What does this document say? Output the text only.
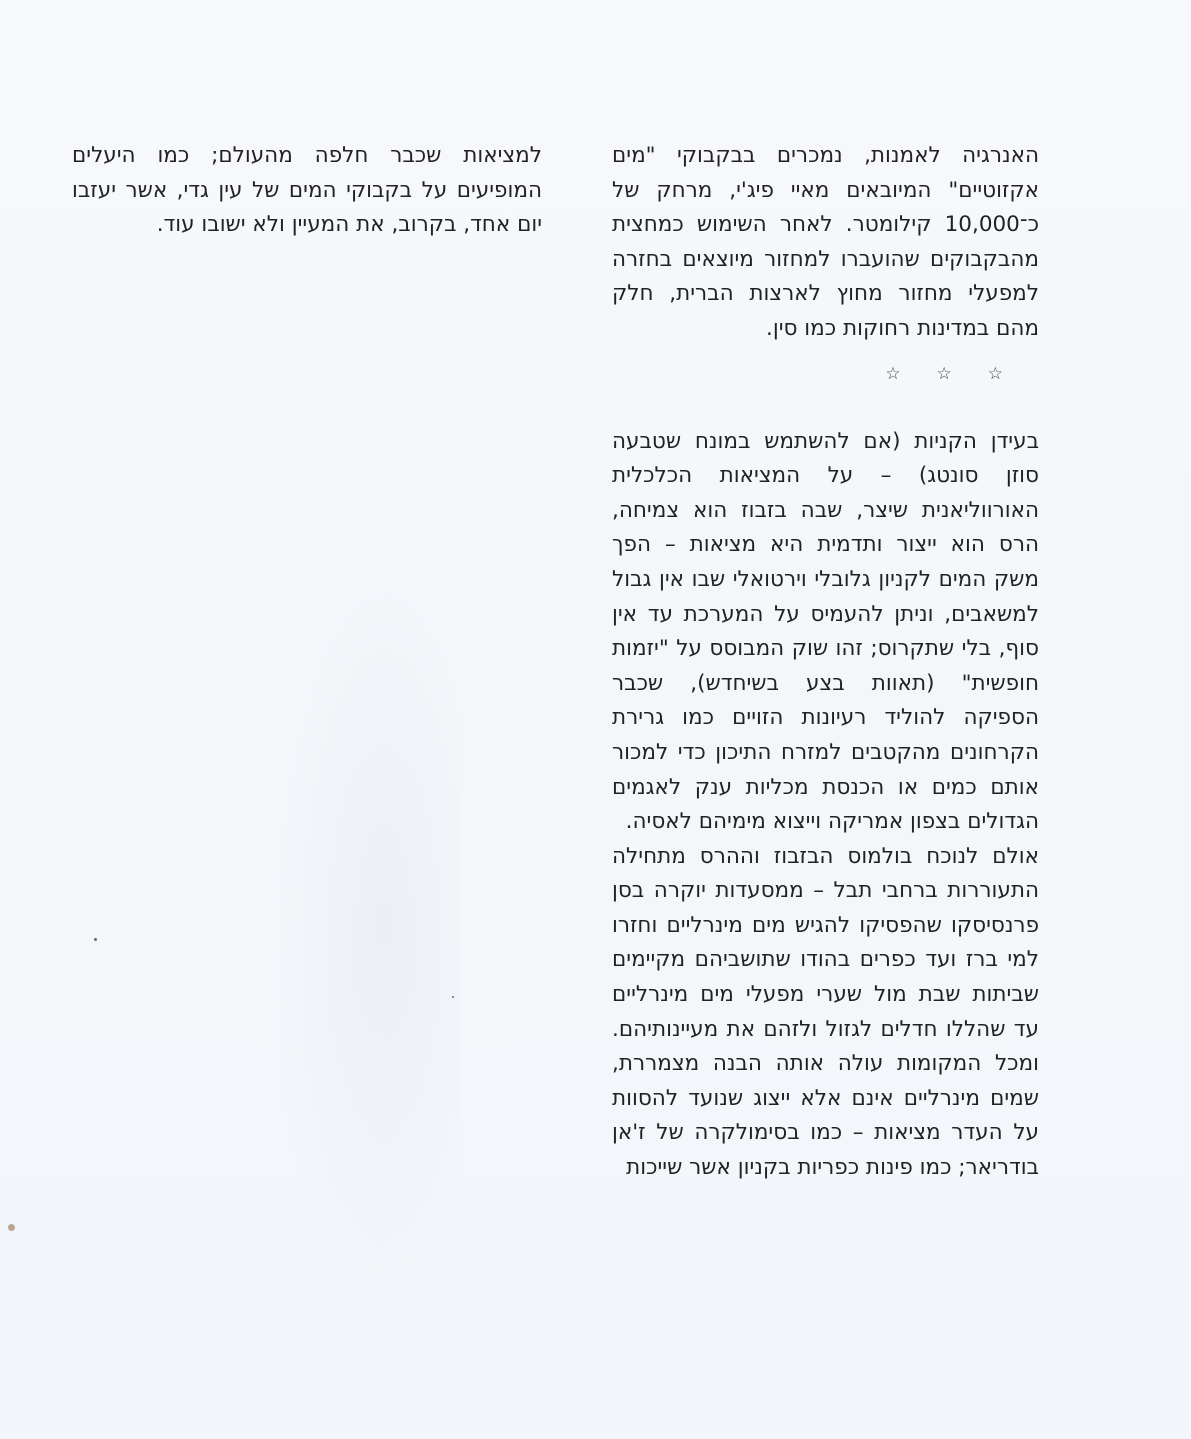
האנרגיה לאמנות, נמכרים בבקבוקי "מים אקזוטיים" המיובאים מאיי פיג'י, מרחק של כ־10,000 קילומטר. לאחר השימוש כמחצית מהבקבוקים שהועברו למחזור מיוצאים בחזרה למפעלי מחזור מחוץ לארצות הברית, חלק מהם במדינות רחוקות כמו סין.

☆☆☆

בעידן הקניות (אם להשתמש במונח שטבעה סוזן סונטג) – על המציאות הכלכלית האורווליאנית שיצר, שבה בזבוז הוא צמיחה, הרס הוא ייצור ותדמית היא מציאות – הפך משק המים לקניון גלובלי וירטואלי שבו אין גבול למשאבים, וניתן להעמיס על המערכת עד אין סוף, בלי שתקרוס; זהו שוק המבוסס על "יזמות חופשית" (תאוות בצע בשיחדש), שכבר הספיקה להוליד רעיונות הזויים כמו גרירת הקרחונים מהקטבים למזרח התיכון כדי למכור אותם כמים או הכנסת מכליות ענק לאגמים הגדולים בצפון אמריקה וייצוא מימיהם לאסיה.

אולם לנוכח בולמוס הבזבוז וההרס מתחילה התעוררות ברחבי תבל – ממסעדות יוקרה בסן פרנסיסקו שהפסיקו להגיש מים מינרליים וחזרו למי ברז ועד כפרים בהודו שתושביהם מקיימים שביתות שבת מול שערי מפעלי מים מינרליים עד שהללו חדלים לגזול ולזהם את מעיינותיהם. ומכל המקומות עולה אותה הבנה מצמררת, שמים מינרליים אינם אלא ייצוג שנועד להסוות על העדר מציאות – כמו בסימולקרה של ז'אן בודריאר; כמו פינות כפריות בקניון אשר שייכות

למציאות שכבר חלפה מהעולם; כמו היעלים המופיעים על בקבוקי המים של עין גדי, אשר יעזבו יום אחד, בקרוב, את המעיין ולא ישובו עוד.
